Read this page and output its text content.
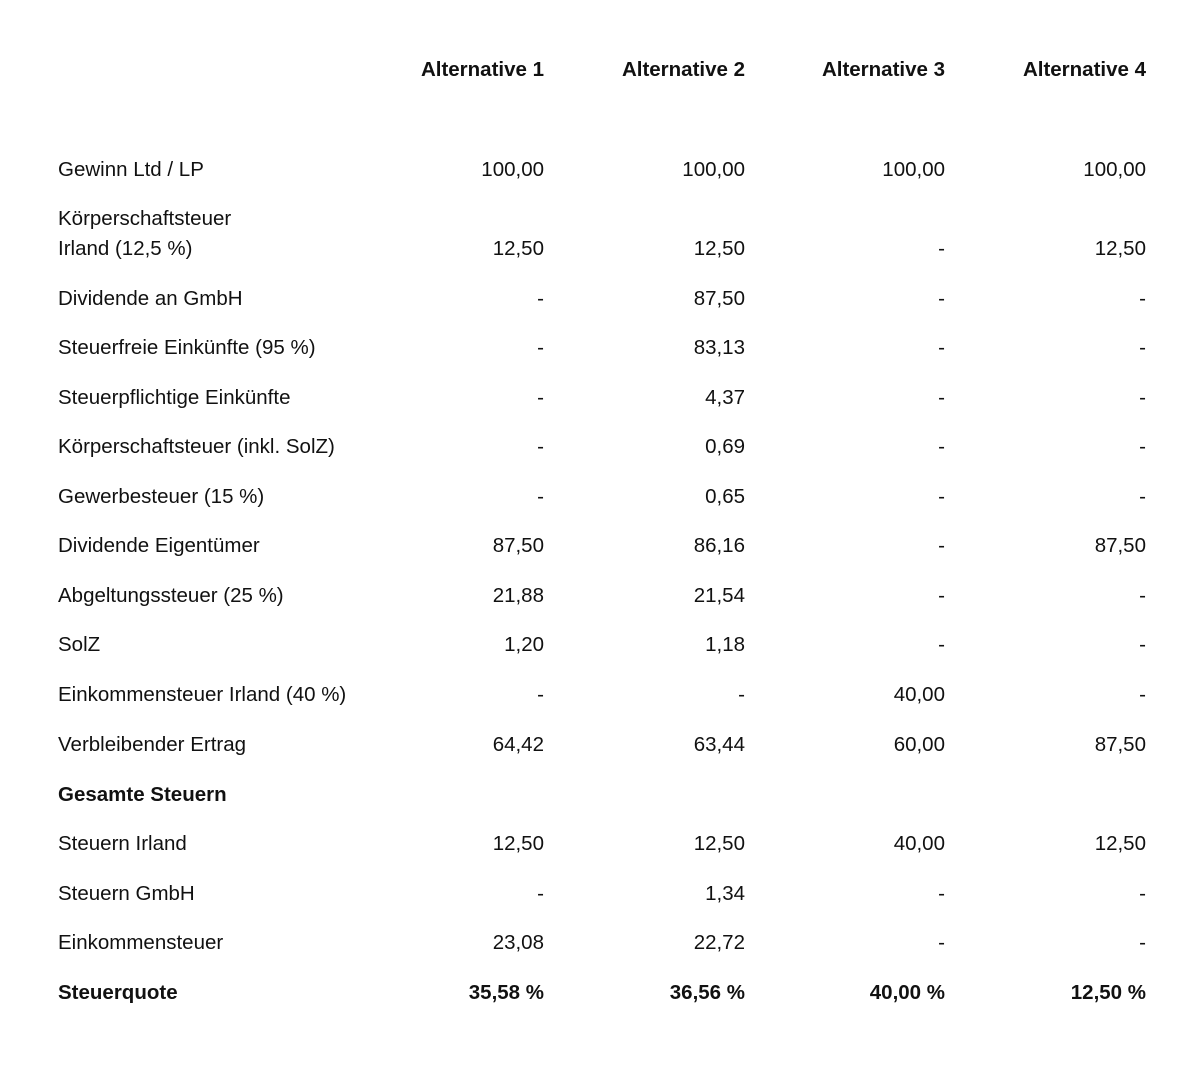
Alternative 1	Alternative 2	Alternative 3	Alternative 4
Gewinn Ltd / LP	100,00	100,00	100,00	100,00
Körperschaftsteuer
Irland (12,5 %)	12,50	12,50	-	12,50
Dividende an GmbH	-	87,50	-	-
Steuerfreie Einkünfte (95 %)	-	83,13	-	-
Steuerpflichtige Einkünfte	-	4,37	-	-
Körperschaftsteuer (inkl. SolZ)	-	0,69	-	-
Gewerbesteuer (15 %)	-	0,65	-	-
Dividende Eigentümer	87,50	86,16	-	87,50
Abgeltungssteuer (25 %)	21,88	21,54	-	-
SolZ	1,20	1,18	-	-
Einkommensteuer Irland (40 %)	-	-	40,00	-
Verbleibender Ertrag	64,42	63,44	60,00	87,50
Gesamte Steuern
Steuern Irland	12,50	12,50	40,00	12,50
Steuern GmbH	-	1,34	-	-
Einkommensteuer	23,08	22,72	-	-
Steuerquote	35,58 %	36,56 %	40,00 %	12,50 %
